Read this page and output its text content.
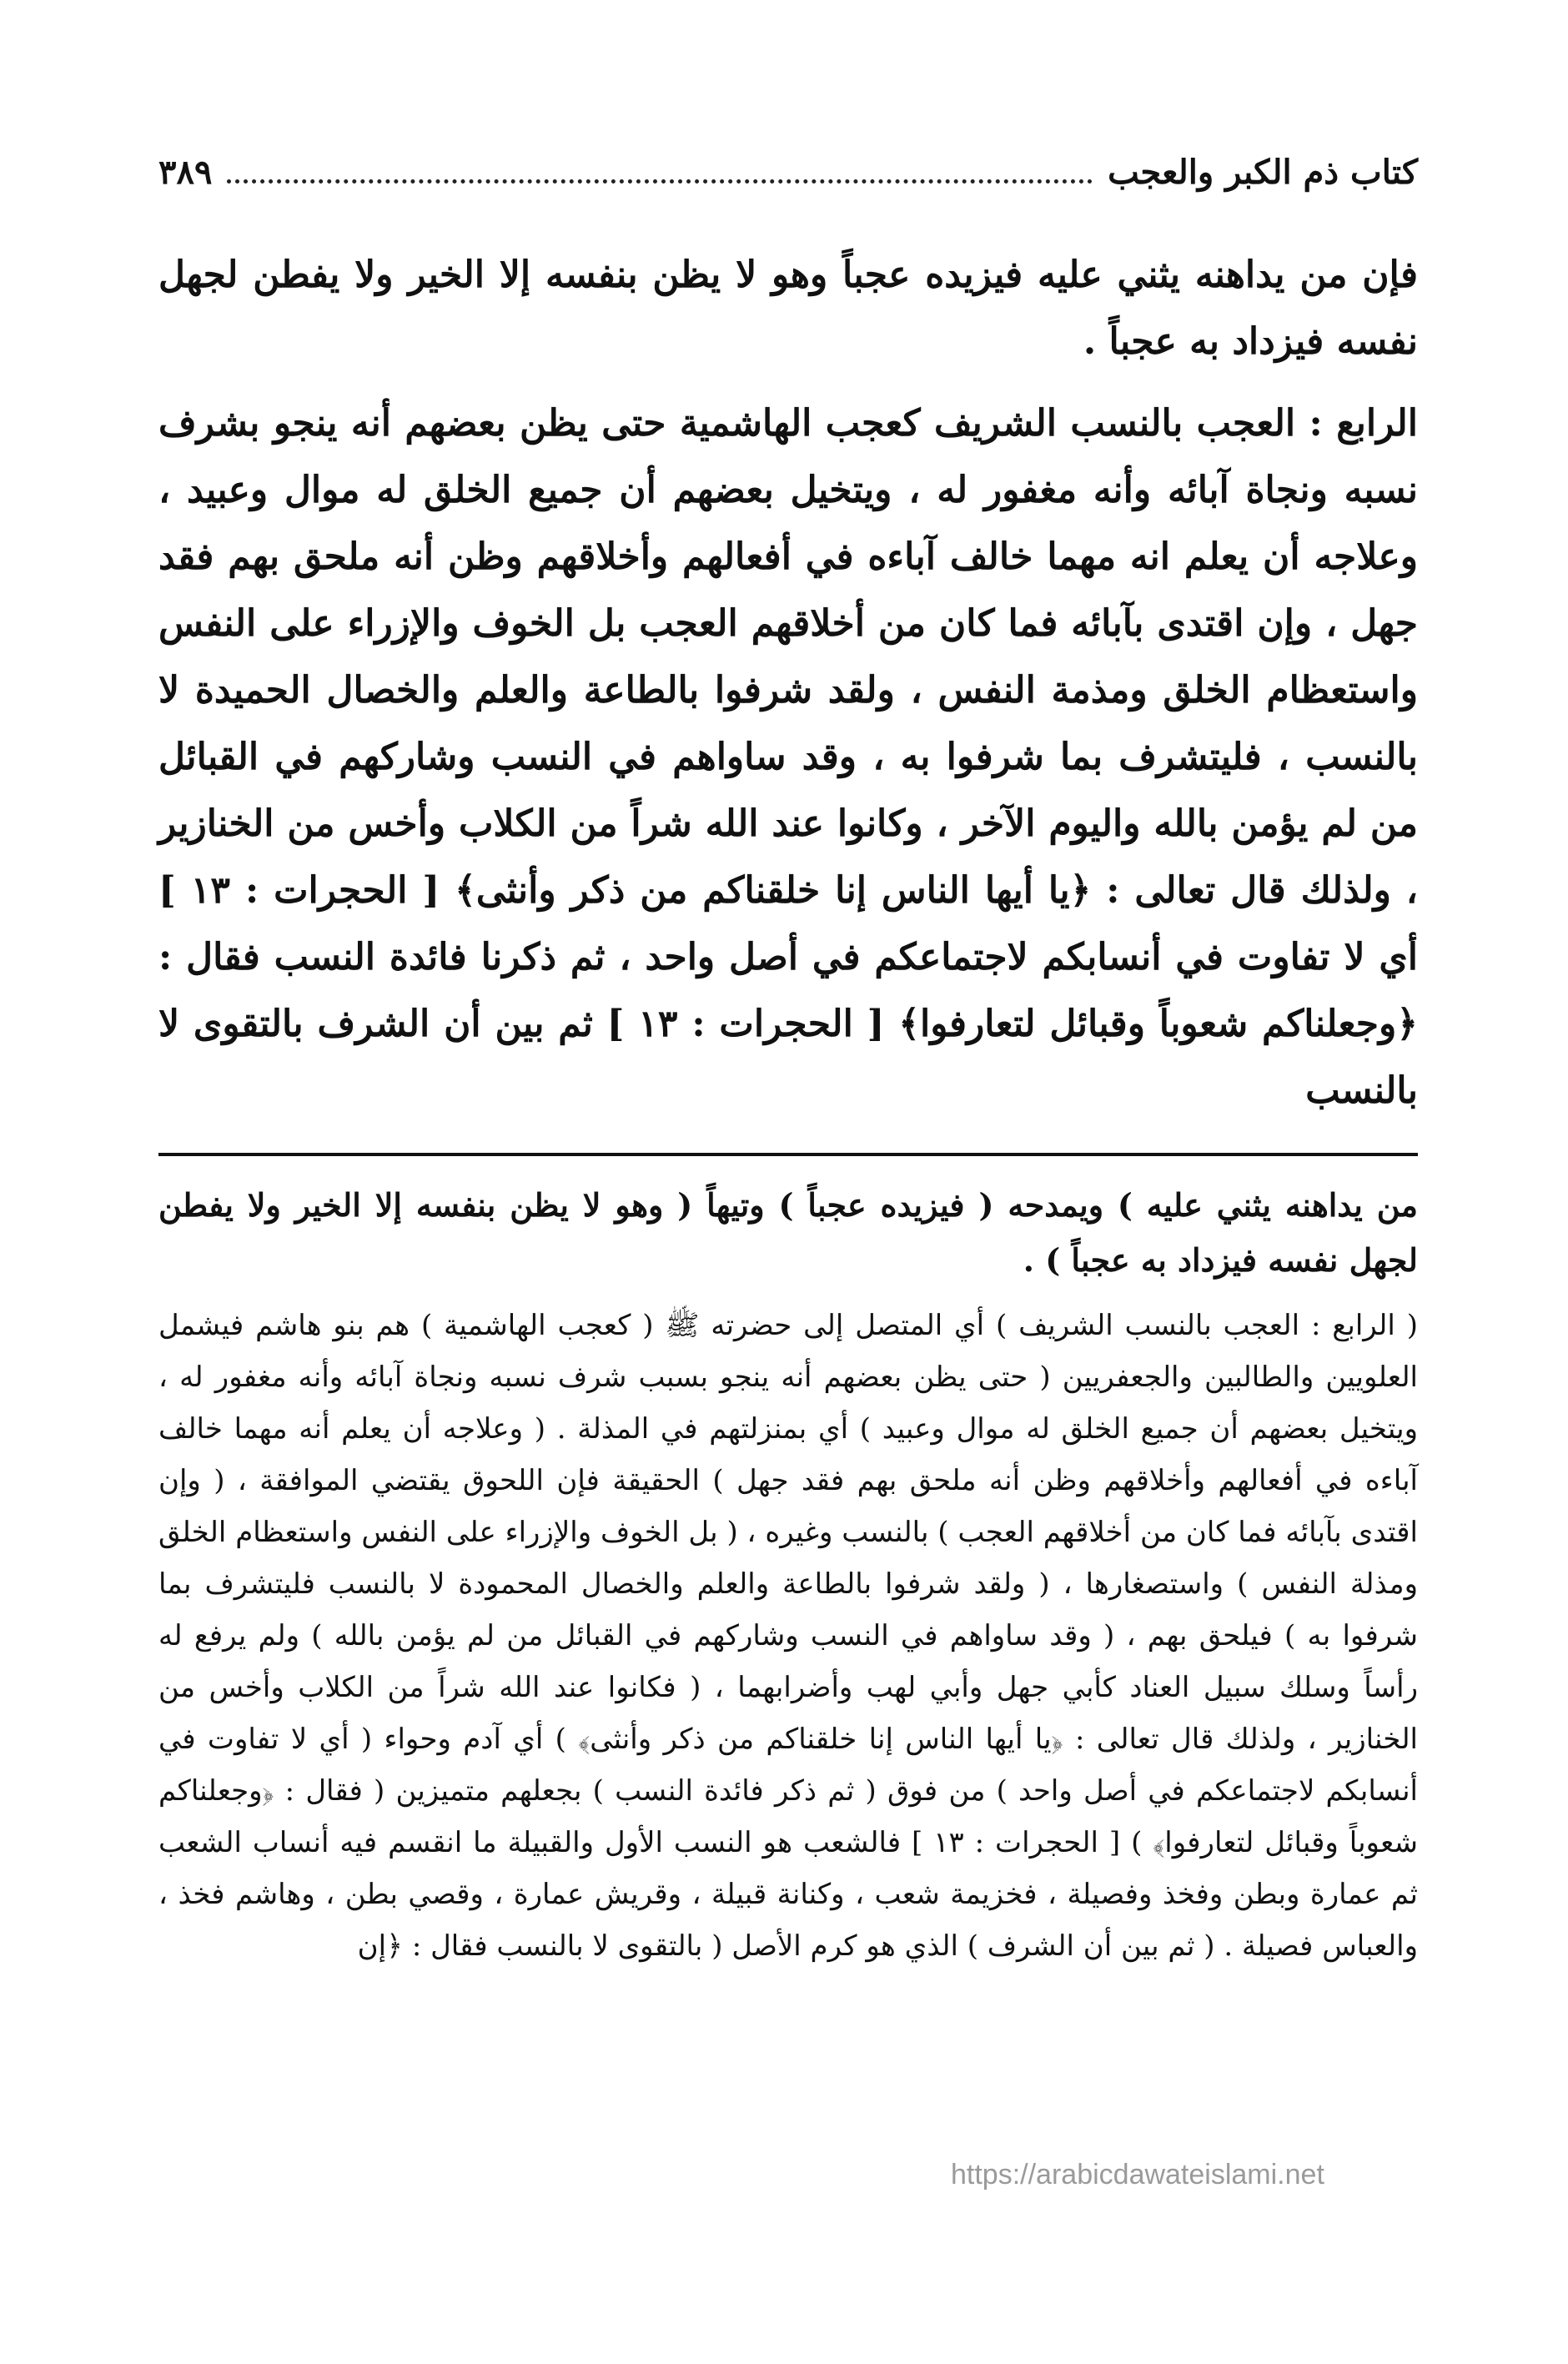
كتاب ذم الكبر والعجب
٣٨٩

فإن من يداهنه يثني عليه فيزيده عجباً وهو لا يظن بنفسه إلا الخير ولا يفطن لجهل نفسه فيزداد به عجباً .

الرابع : العجب بالنسب الشريف كعجب الهاشمية حتى يظن بعضهم أنه ينجو بشرف نسبه ونجاة آبائه وأنه مغفور له ، ويتخيل بعضهم أن جميع الخلق له موال وعبيد ، وعلاجه أن يعلم انه مهما خالف آباءه في أفعالهم وأخلاقهم وظن أنه ملحق بهم فقد جهل ، وإن اقتدى بآبائه فما كان من أخلاقهم العجب بل الخوف والإزراء على النفس واستعظام الخلق ومذمة النفس ، ولقد شرفوا بالطاعة والعلم والخصال الحميدة لا بالنسب ، فليتشرف بما شرفوا به ، وقد ساواهم في النسب وشاركهم في القبائل من لم يؤمن بالله واليوم الآخر ، وكانوا عند الله شراً من الكلاب وأخس من الخنازير ، ولذلك قال تعالى : ﴿يا أيها الناس إنا خلقناكم من ذكر وأنثى﴾ [ الحجرات : ١٣ ] أي لا تفاوت في أنسابكم لاجتماعكم في أصل واحد ، ثم ذكرنا فائدة النسب فقال : ﴿وجعلناكم شعوباً وقبائل لتعارفوا﴾ [ الحجرات : ١٣ ] ثم بين أن الشرف بالتقوى لا بالنسب

من يداهنه يثني عليه ) ويمدحه ( فيزيده عجباً ) وتيهاً ( وهو لا يظن بنفسه إلا الخير ولا يفطن لجهل نفسه فيزداد به عجباً ) .

( الرابع : العجب بالنسب الشريف ) أي المتصل إلى حضرته ﷺ ( كعجب الهاشمية ) هم بنو هاشم فيشمل العلويين والطالبين والجعفريين ( حتى يظن بعضهم أنه ينجو بسبب شرف نسبه ونجاة آبائه وأنه مغفور له ، ويتخيل بعضهم أن جميع الخلق له موال وعبيد ) أي بمنزلتهم في المذلة . ( وعلاجه أن يعلم أنه مهما خالف آباءه في أفعالهم وأخلاقهم وظن أنه ملحق بهم فقد جهل ) الحقيقة فإن اللحوق يقتضي الموافقة ، ( وإن اقتدى بآبائه فما كان من أخلاقهم العجب ) بالنسب وغيره ، ( بل الخوف والإزراء على النفس واستعظام الخلق ومذلة النفس ) واستصغارها ، ( ولقد شرفوا بالطاعة والعلم والخصال المحمودة لا بالنسب فليتشرف بما شرفوا به ) فيلحق بهم ، ( وقد ساواهم في النسب وشاركهم في القبائل من لم يؤمن بالله ) ولم يرفع له رأساً وسلك سبيل العناد كأبي جهل وأبي لهب وأضرابهما ، ( فكانوا عند الله شراً من الكلاب وأخس من الخنازير ، ولذلك قال تعالى : ﴿يا أيها الناس إنا خلقناكم من ذكر وأنثى﴾ ) أي آدم وحواء ( أي لا تفاوت في أنسابكم لاجتماعكم في أصل واحد ) من فوق ( ثم ذكر فائدة النسب ) بجعلهم متميزين ( فقال : ﴿وجعلناكم شعوباً وقبائل لتعارفوا﴾ ) [ الحجرات : ١٣ ] فالشعب هو النسب الأول والقبيلة ما انقسم فيه أنساب الشعب ثم عمارة وبطن وفخذ وفصيلة ، فخزيمة شعب ، وكنانة قبيلة ، وقريش عمارة ، وقصي بطن ، وهاشم فخذ ، والعباس فصيلة . ( ثم بين أن الشرف ) الذي هو كرم الأصل ( بالتقوى لا بالنسب فقال : ﴿إن

https://arabicdawateislami.net
